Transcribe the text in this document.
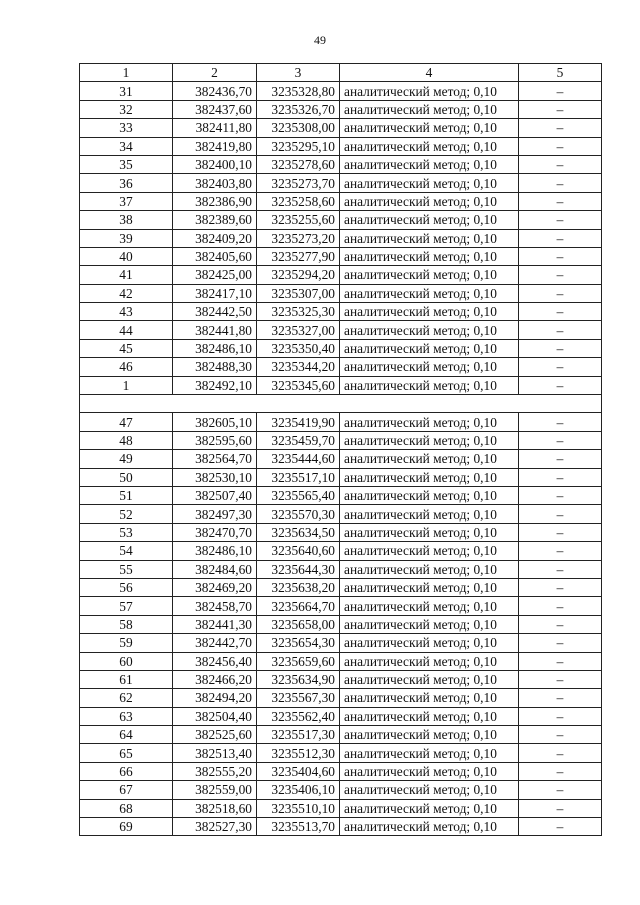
49
1	2	3	4	5
31	382436,70	3235328,80	аналитический метод; 0,10	–
32	382437,60	3235326,70	аналитический метод; 0,10	–
33	382411,80	3235308,00	аналитический метод; 0,10	–
34	382419,80	3235295,10	аналитический метод; 0,10	–
35	382400,10	3235278,60	аналитический метод; 0,10	–
36	382403,80	3235273,70	аналитический метод; 0,10	–
37	382386,90	3235258,60	аналитический метод; 0,10	–
38	382389,60	3235255,60	аналитический метод; 0,10	–
39	382409,20	3235273,20	аналитический метод; 0,10	–
40	382405,60	3235277,90	аналитический метод; 0,10	–
41	382425,00	3235294,20	аналитический метод; 0,10	–
42	382417,10	3235307,00	аналитический метод; 0,10	–
43	382442,50	3235325,30	аналитический метод; 0,10	–
44	382441,80	3235327,00	аналитический метод; 0,10	–
45	382486,10	3235350,40	аналитический метод; 0,10	–
46	382488,30	3235344,20	аналитический метод; 0,10	–
1	382492,10	3235345,60	аналитический метод; 0,10	–

47	382605,10	3235419,90	аналитический метод; 0,10	–
48	382595,60	3235459,70	аналитический метод; 0,10	–
49	382564,70	3235444,60	аналитический метод; 0,10	–
50	382530,10	3235517,10	аналитический метод; 0,10	–
51	382507,40	3235565,40	аналитический метод; 0,10	–
52	382497,30	3235570,30	аналитический метод; 0,10	–
53	382470,70	3235634,50	аналитический метод; 0,10	–
54	382486,10	3235640,60	аналитический метод; 0,10	–
55	382484,60	3235644,30	аналитический метод; 0,10	–
56	382469,20	3235638,20	аналитический метод; 0,10	–
57	382458,70	3235664,70	аналитический метод; 0,10	–
58	382441,30	3235658,00	аналитический метод; 0,10	–
59	382442,70	3235654,30	аналитический метод; 0,10	–
60	382456,40	3235659,60	аналитический метод; 0,10	–
61	382466,20	3235634,90	аналитический метод; 0,10	–
62	382494,20	3235567,30	аналитический метод; 0,10	–
63	382504,40	3235562,40	аналитический метод; 0,10	–
64	382525,60	3235517,30	аналитический метод; 0,10	–
65	382513,40	3235512,30	аналитический метод; 0,10	–
66	382555,20	3235404,60	аналитический метод; 0,10	–
67	382559,00	3235406,10	аналитический метод; 0,10	–
68	382518,60	3235510,10	аналитический метод; 0,10	–
69	382527,30	3235513,70	аналитический метод; 0,10	–
